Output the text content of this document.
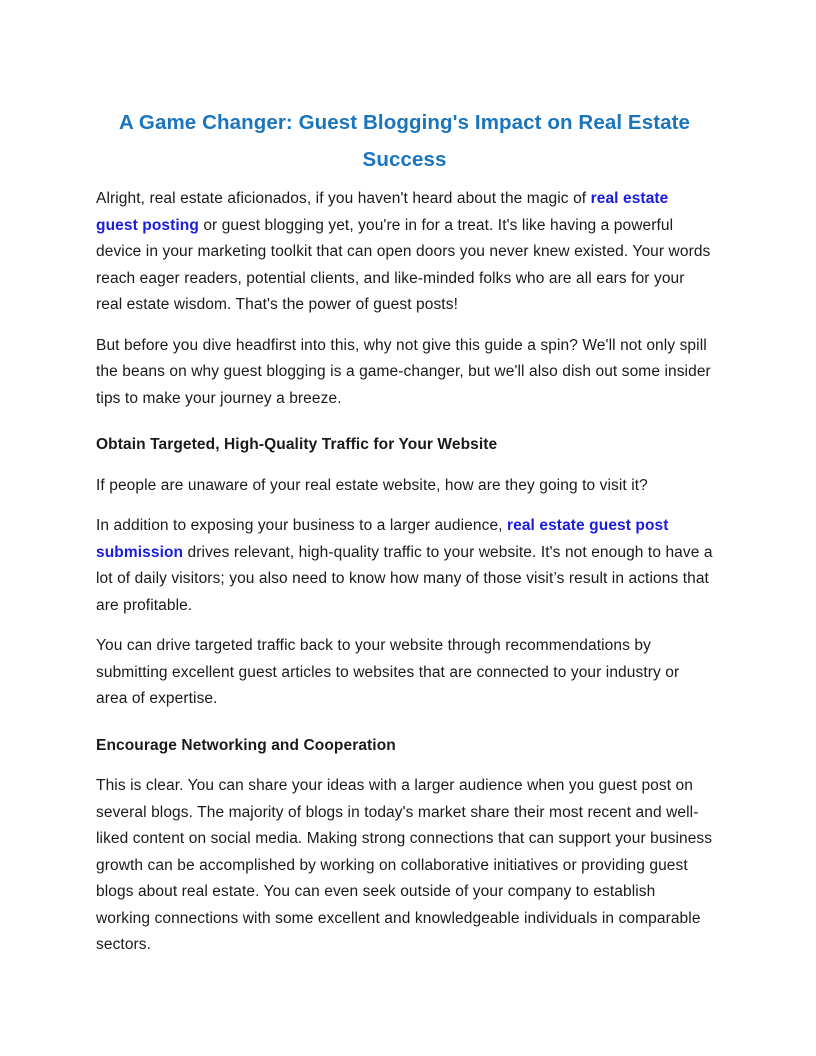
A Game Changer: Guest Blogging's Impact on Real Estate Success

Alright, real estate aficionados, if you haven't heard about the magic of real estate guest posting or guest blogging yet, you're in for a treat. It's like having a powerful device in your marketing toolkit that can open doors you never knew existed. Your words reach eager readers, potential clients, and like-minded folks who are all ears for your real estate wisdom. That's the power of guest posts!

But before you dive headfirst into this, why not give this guide a spin? We'll not only spill the beans on why guest blogging is a game-changer, but we'll also dish out some insider tips to make your journey a breeze.

Obtain Targeted, High-Quality Traffic for Your Website

If people are unaware of your real estate website, how are they going to visit it?

In addition to exposing your business to a larger audience, real estate guest post submission drives relevant, high-quality traffic to your website. It's not enough to have a lot of daily visitors; you also need to know how many of those visit’s result in actions that are profitable.

You can drive targeted traffic back to your website through recommendations by submitting excellent guest articles to websites that are connected to your industry or area of expertise.

Encourage Networking and Cooperation

This is clear. You can share your ideas with a larger audience when you guest post on several blogs. The majority of blogs in today's market share their most recent and well-liked content on social media. Making strong connections that can support your business growth can be accomplished by working on collaborative initiatives or providing guest blogs about real estate. You can even seek outside of your company to establish working connections with some excellent and knowledgeable individuals in comparable sectors.
